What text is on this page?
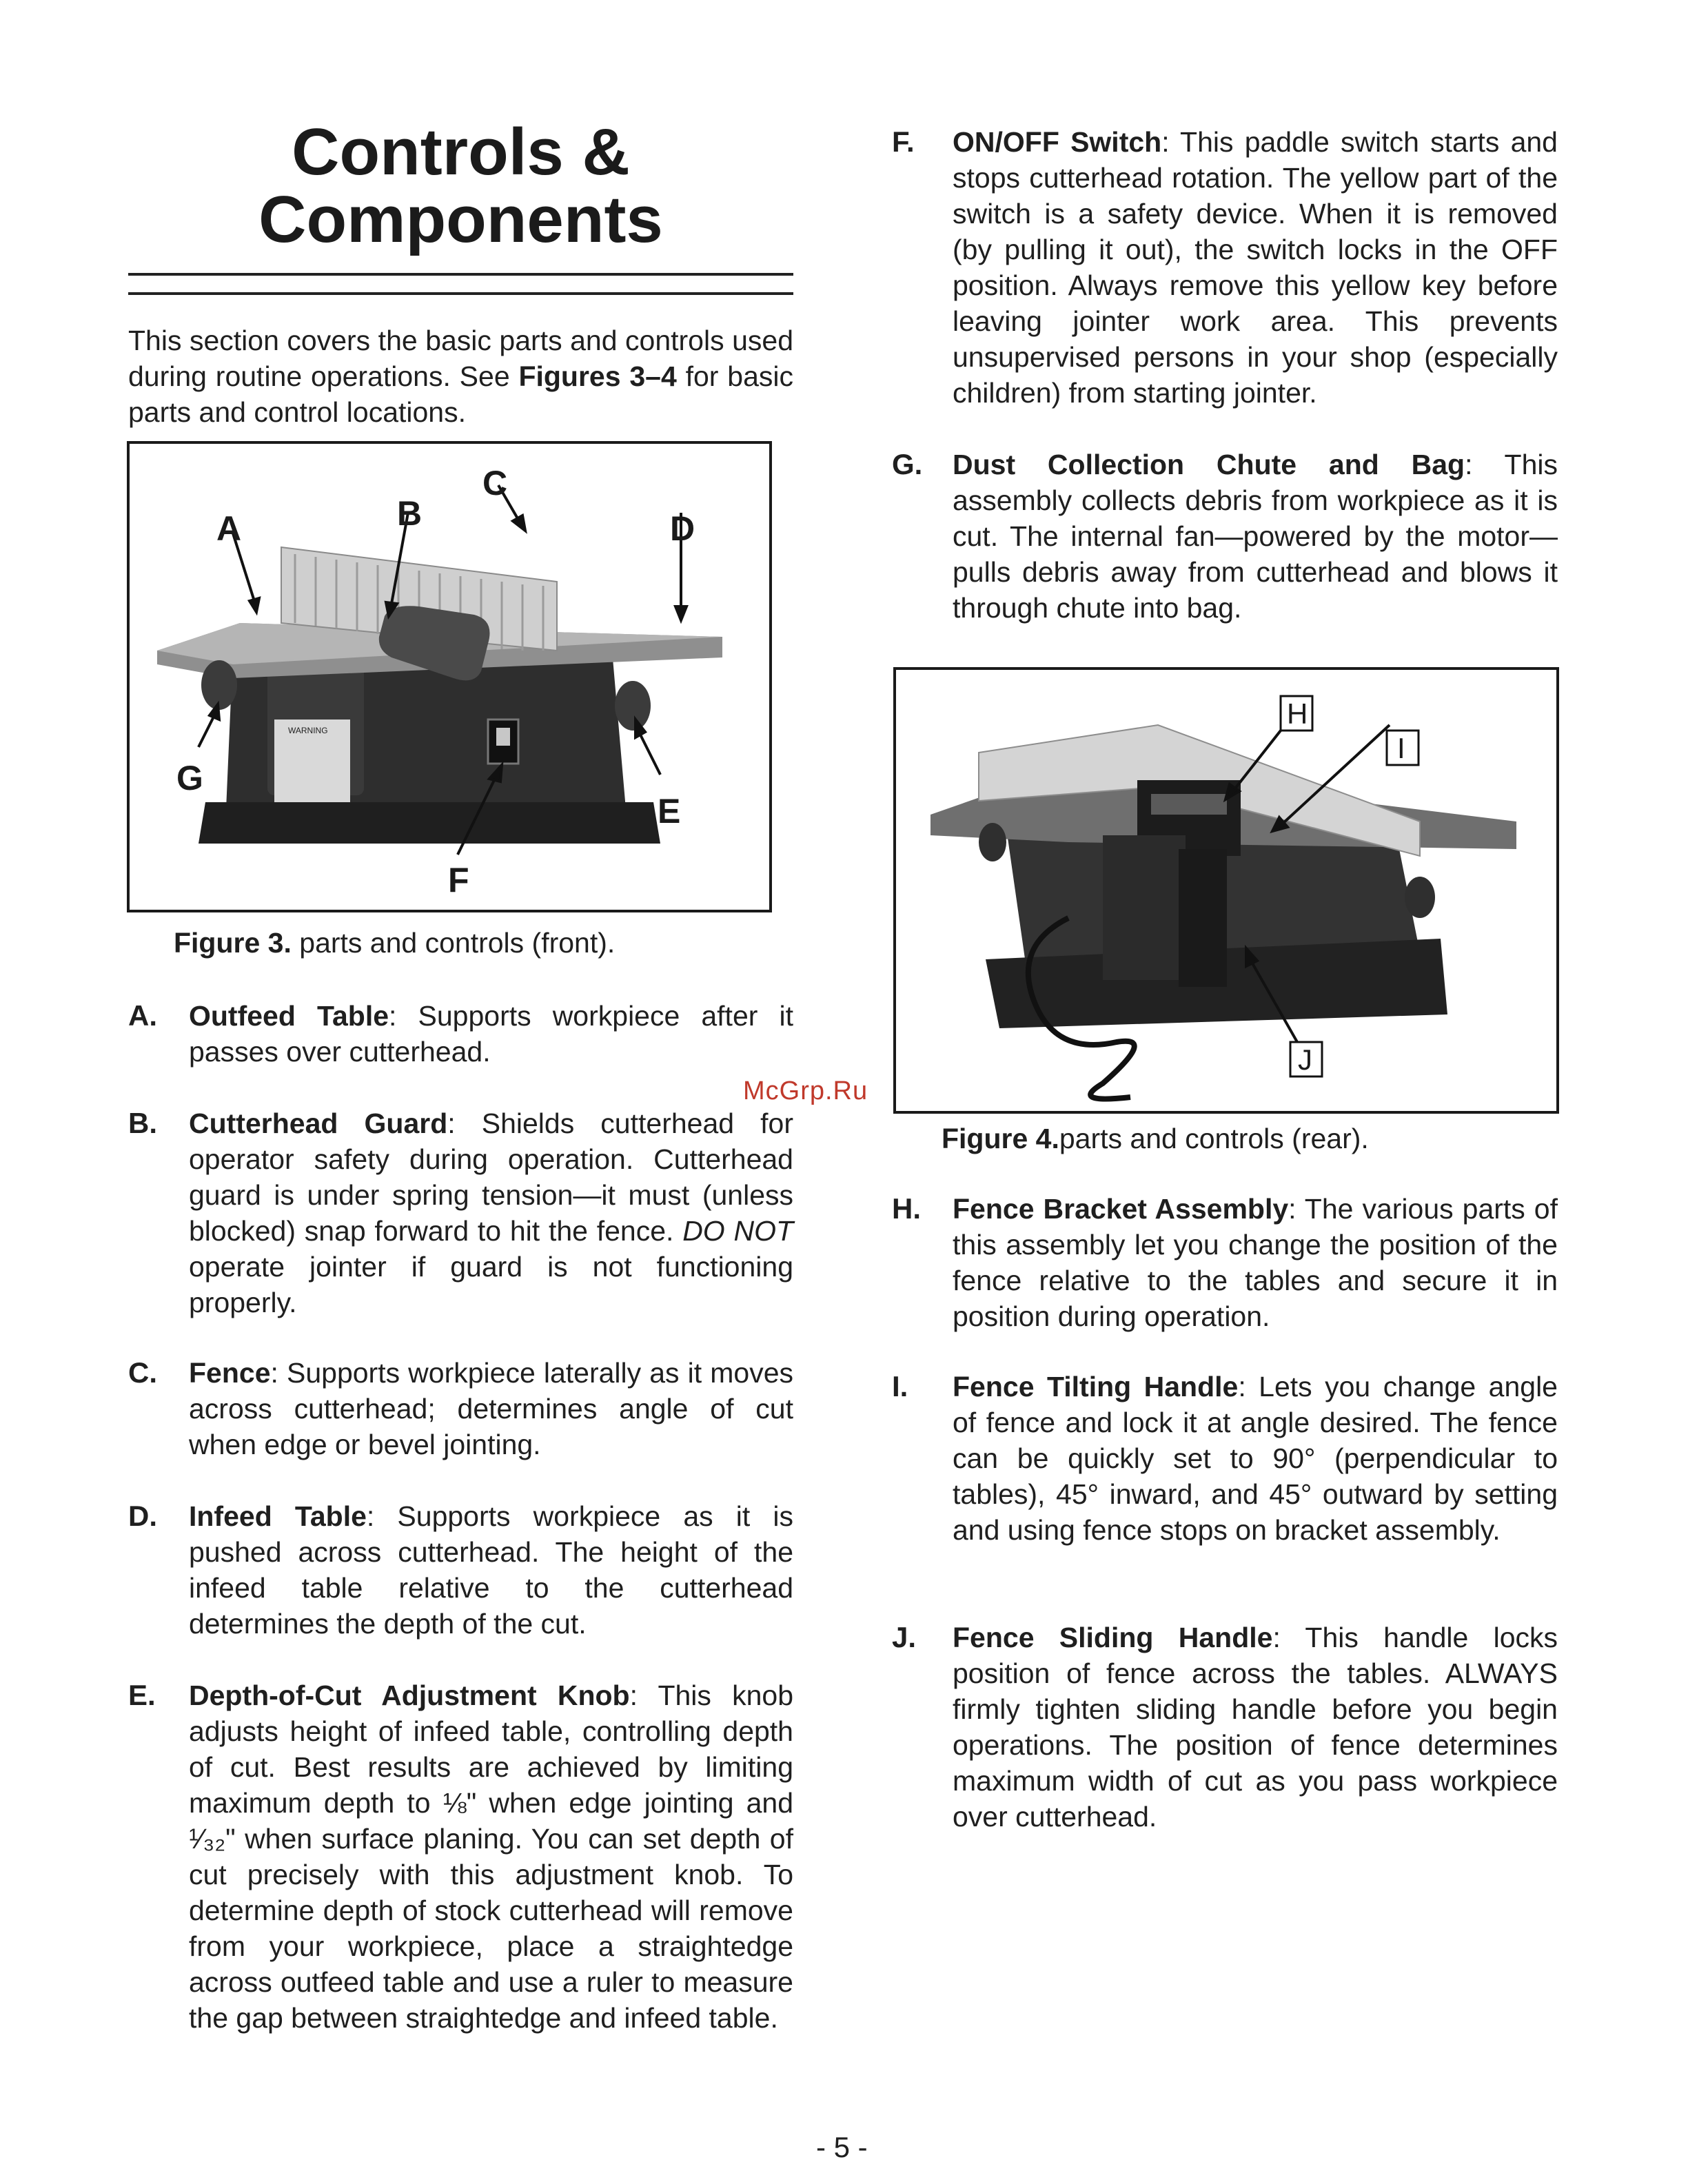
Controls &
Components
This section covers the basic parts and controls used during routine operations. See Figures 3–4 for basic parts and control locations.
WARNING
A	B
C
D
E
F
G
Figure 3. parts and controls (front).
A. Outfeed Table: Supports workpiece after it passes over cutterhead.
B. Cutterhead Guard: Shields cutterhead for operator safety during operation. Cutterhead guard is under spring tension—it must (unless blocked) snap forward to hit the fence. DO NOT operate jointer if guard is not functioning properly.
C. Fence: Supports workpiece laterally as it moves across cutterhead; determines angle of cut when edge or bevel jointing.
D. Infeed Table: Supports workpiece as it is pushed across cutterhead. The height of the infeed table relative to the cutterhead determines the depth of the cut.
E. Depth-of-Cut Adjustment Knob: This knob adjusts height of infeed table, controlling depth of cut. Best results are achieved by limiting maximum depth to ⅛" when edge jointing and ¹⁄₃₂" when surface planing. You can set depth of cut precisely with this adjustment knob. To determine depth of stock cutterhead will remove from your workpiece, place a straightedge across outfeed table and use a ruler to measure the gap between straightedge and infeed table.
F. ON/OFF Switch: This paddle switch starts and stops cutterhead rotation. The yellow part of the switch is a safety device. When it is removed (by pulling it out), the switch locks in the OFF position. Always remove this yellow key before leaving jointer work area. This prevents unsupervised persons in your shop (especially children) from starting jointer.
G. Dust Collection Chute and Bag: This assembly collects debris from workpiece as it is cut. The internal fan—powered by the motor—pulls debris away from cutterhead and blows it through chute into bag.
H
I
J
McGrp.Ru
Figure 4.parts and controls (rear).
H. Fence Bracket Assembly: The various parts of this assembly let you change the position of the fence relative to the tables and secure it in position during operation.
I. Fence Tilting Handle: Lets you change angle of fence and lock it at angle desired. The fence can be quickly set to 90° (perpendicular to tables), 45° inward, and 45° outward by setting and using fence stops on bracket assembly.
J. Fence Sliding Handle: This handle locks position of fence across the tables. ALWAYS firmly tighten sliding handle before you begin operations. The position of fence determines maximum width of cut as you pass workpiece over cutterhead.
- 5 -
